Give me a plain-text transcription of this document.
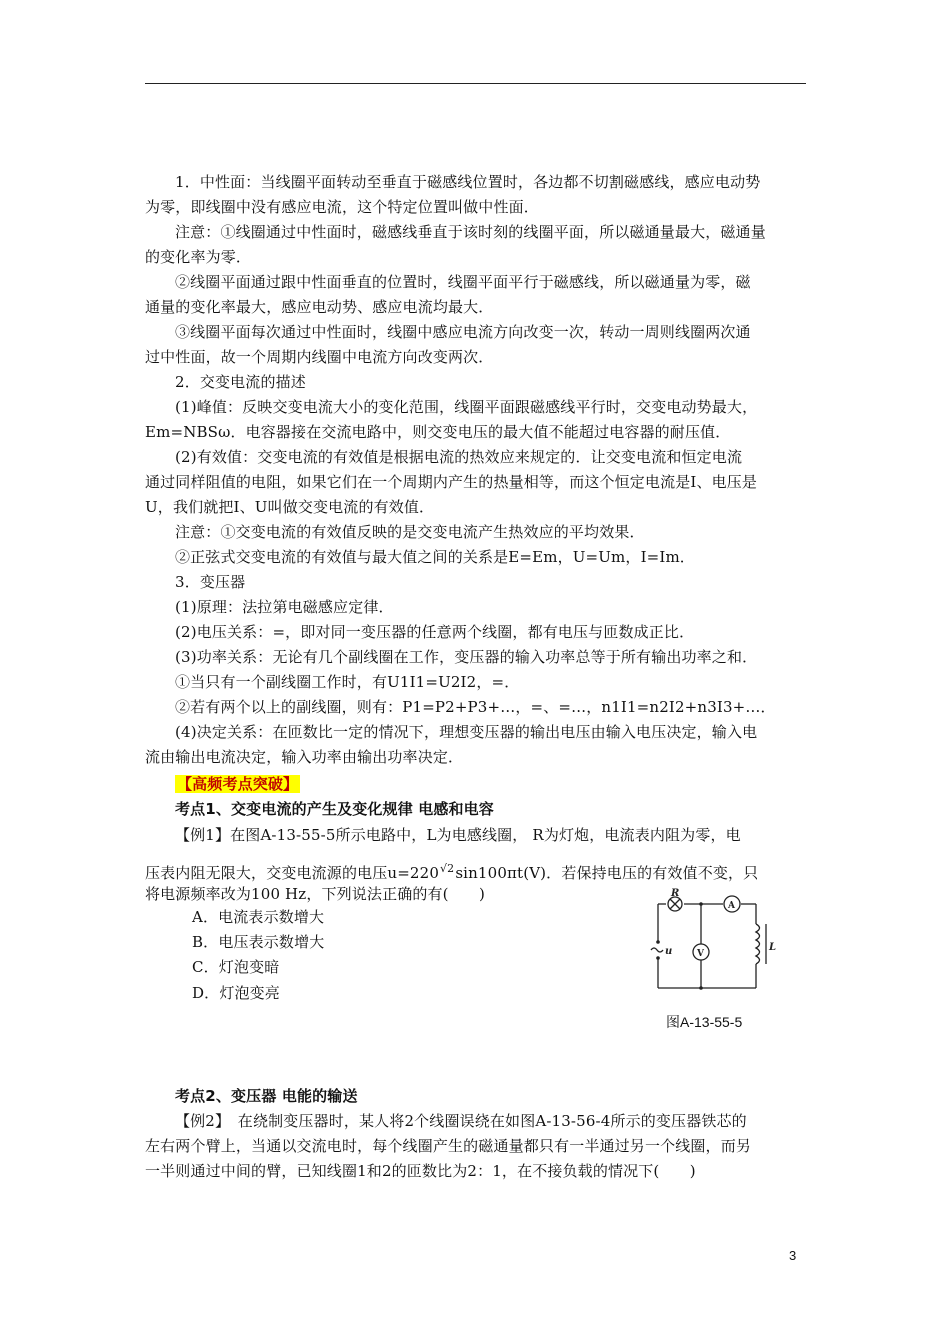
1．中性面：当线圈平面转动至垂直于磁感线位置时，各边都不切割磁感线，感应电动势
为零，即线圈中没有感应电流，这个特定位置叫做中性面．
注意：①线圈通过中性面时，磁感线垂直于该时刻的线圈平面，所以磁通量最大，磁通量
的变化率为零．
②线圈平面通过跟中性面垂直的位置时，线圈平面平行于磁感线，所以磁通量为零，磁
通量的变化率最大，感应电动势、感应电流均最大．
③线圈平面每次通过中性面时，线圈中感应电流方向改变一次，转动一周则线圈两次通
过中性面，故一个周期内线圈中电流方向改变两次．
2．交变电流的描述
(1)峰值：反映交变电流大小的变化范围，线圈平面跟磁感线平行时，交变电动势最大，
Em=NBSω．电容器接在交流电路中，则交变电压的最大值不能超过电容器的耐压值．
(2)有效值：交变电流的有效值是根据电流的热效应来规定的．让交变电流和恒定电流
通过同样阻值的电阻，如果它们在一个周期内产生的热量相等，而这个恒定电流是I、电压是
U，我们就把I、U叫做交变电流的有效值．
注意：①交变电流的有效值反映的是交变电流产生热效应的平均效果．
②正弦式交变电流的有效值与最大值之间的关系是E=Em，U=Um，I=Im．
3．变压器
(1)原理：法拉第电磁感应定律．
(2)电压关系：=，即对同一变压器的任意两个线圈，都有电压与匝数成正比．
(3)功率关系：无论有几个副线圈在工作，变压器的输入功率总等于所有输出功率之和．
①当只有一个副线圈工作时，有U1I1=U2I2，=．
②若有两个以上的副线圈，则有：P1=P2+P3+…，=、=…，n1I1=n2I2+n3I3+…．
(4)决定关系：在匝数比一定的情况下，理想变压器的输出电压由输入电压决定，输入电
流由输出电流决定，输入功率由输出功率决定．
【高频考点突破】
考点1、交变电流的产生及变化规律 电感和电容
【例1】在图A-13-55-5所示电路中，L为电感线圈， R为灯炮，电流表内阻为零，电
压表内阻无限大，交变电流源的电压u=220√2sin100πt(V)．若保持电压的有效值不变，只
将电源频率改为100 Hz，下列说法正确的有(　　)
A．电流表示数增大
B．电压表示数增大
C．灯泡变暗
D．灯泡变亮
R
A
V
L
u
图A-13-55-5
考点2、变压器 电能的输送
【例2】　在绕制变压器时，某人将2个线圈误绕在如图A-13-56-4所示的变压器铁芯的
左右两个臂上，当通以交流电时，每个线圈产生的磁通量都只有一半通过另一个线圈，而另
一半则通过中间的臂，已知线圈1和2的匝数比为2：1，在不接负载的情况下(　　)
3
